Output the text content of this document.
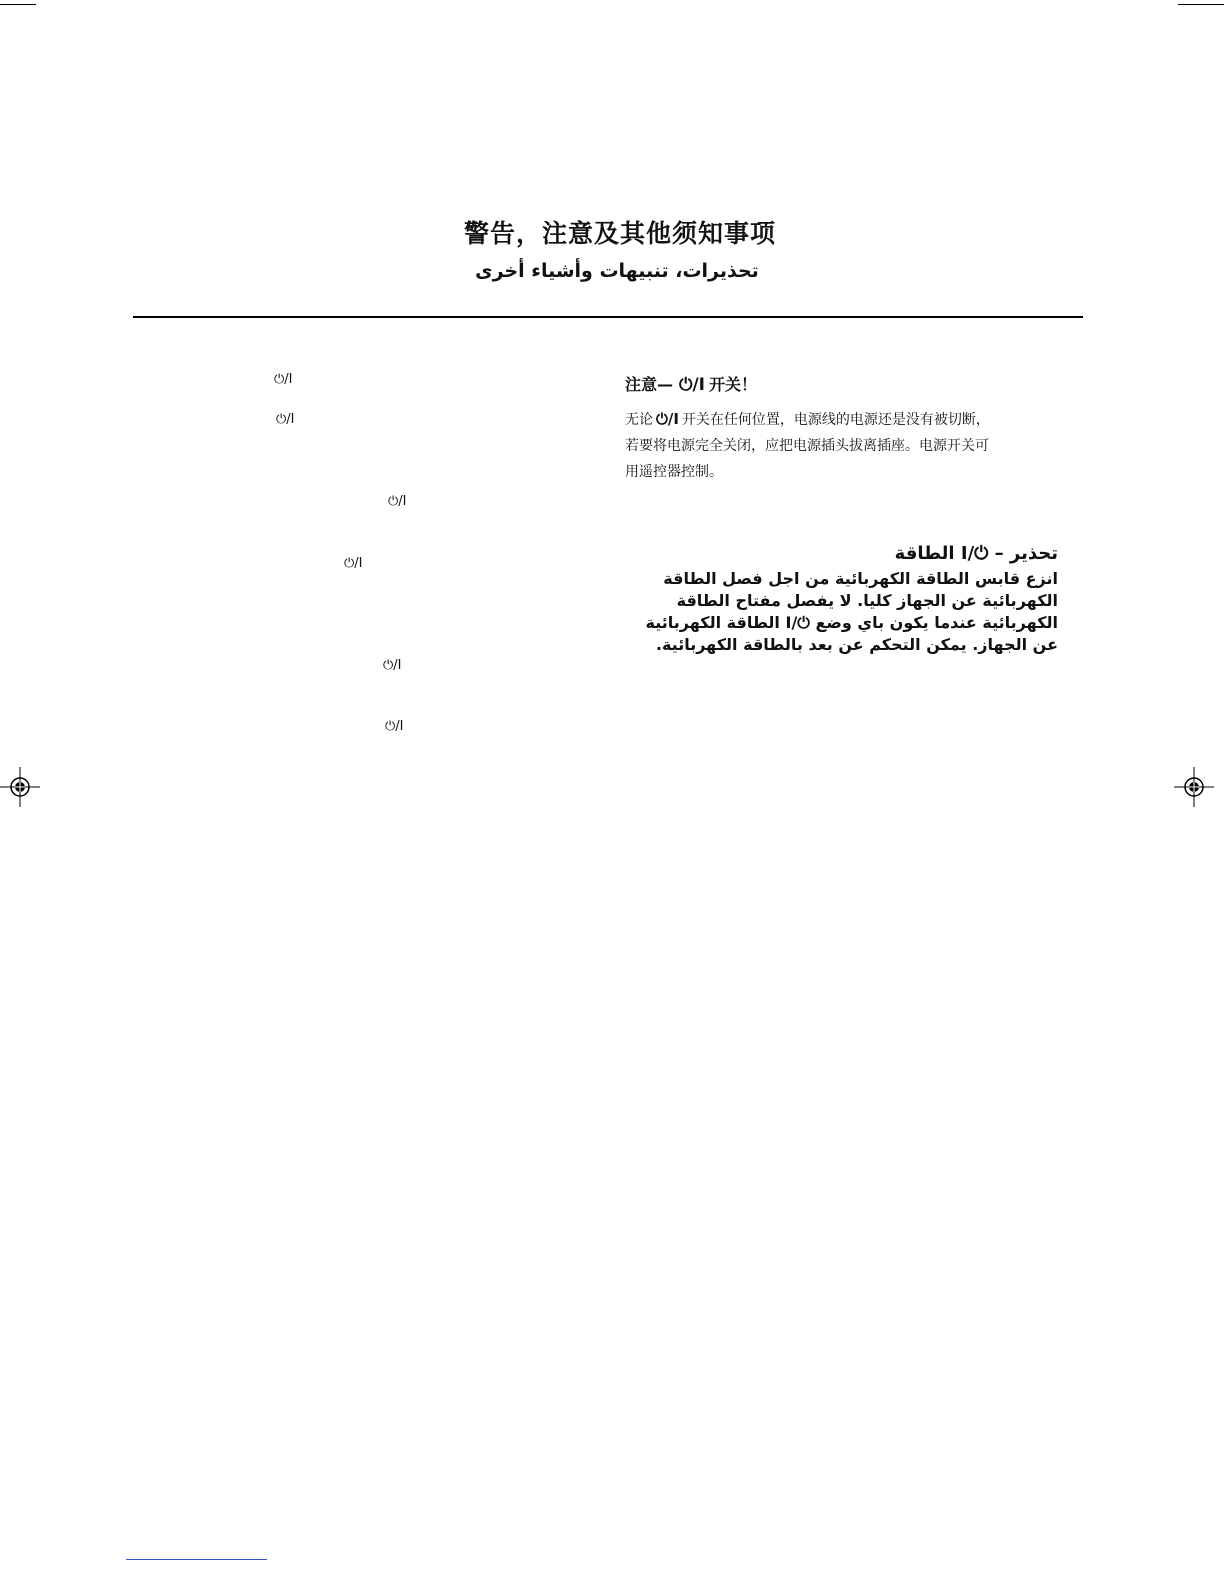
警告，注意及其他须知事项
تحذيرات، تنبيهات وأشياء أخرى
⏻/I
⏻/I
⏻/I
⏻/I
⏻/I
⏻/I
注意— ⏻/I 开关！
无论 ⏻/I 开关在任何位置，电源线的电源还是没有被切断，
若要将电源完全关闭，应把电源插头拔离插座。电源开关可
用遥控器控制。
تحذير – ⏻/I الطاقة
انزع قابس الطاقة الكهربائية من اجل فصل الطاقة
الكهربائية عن الجهاز كليا. لا يفصل مفتاح الطاقة
الكهربائية عندما يكون باي وضع ⏻/I الطاقة الكهربائية
عن الجهاز. يمكن التحكم عن بعد بالطاقة الكهربائية.
